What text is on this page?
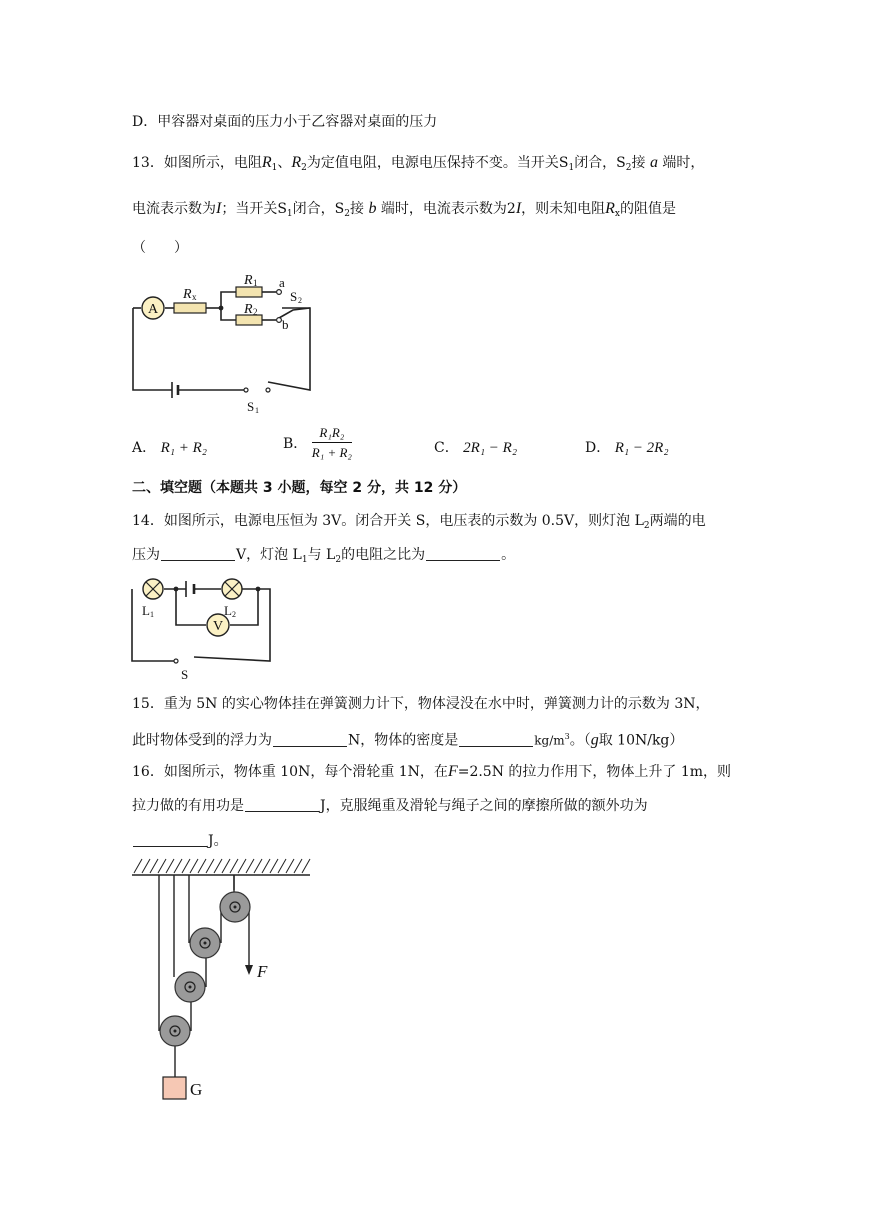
D．甲容器对桌面的压力小于乙容器对桌面的压力
13．如图所示，电阻$R_1$、$R_2$为定值电阻，电源电压保持不变。当开关$S_1$闭合，$S_2$接 a 端时，
电流表示数为I；当开关$S_1$闭合，$S_2$接 b 端时，电流表示数为2I，则未知电阻$R_x$的阻值是
（　　）
A
R x
R 1
R 2
a
b
S 2
S 1
A． R₁ + R₂	B． $\frac{\text{R₁R₂}}{\text{R₁ + R₂}}$	C． 2R₁ − R₂	D． R₁ − 2R₂
二、填空题（本题共 3 小题，每空 2 分，共 12 分）
14．如图所示，电源电压恒为 3V。闭合开关 S，电压表的示数为 0.5V，则灯泡 $L_2$两端的电
压为	V，灯泡 $L_1$与 $L_2$的电阻之比为	。
V
L 1	L 2
S
15．重为 5N 的实心物体挂在弹簧测力计下，物体浸没在水中时，弹簧测力计的示数为 3N，
此时物体受到的浮力为	N，物体的密度是	$kg/m^3$。（g取 10N/kg）
16．如图所示，物体重 10N，每个滑轮重 1N，在F=2.5N 的拉力作用下，物体上升了 1m，则
拉力做的有用功是	J，克服绳重及滑轮与绳子之间的摩擦所做的额外功为
J。
F
G
